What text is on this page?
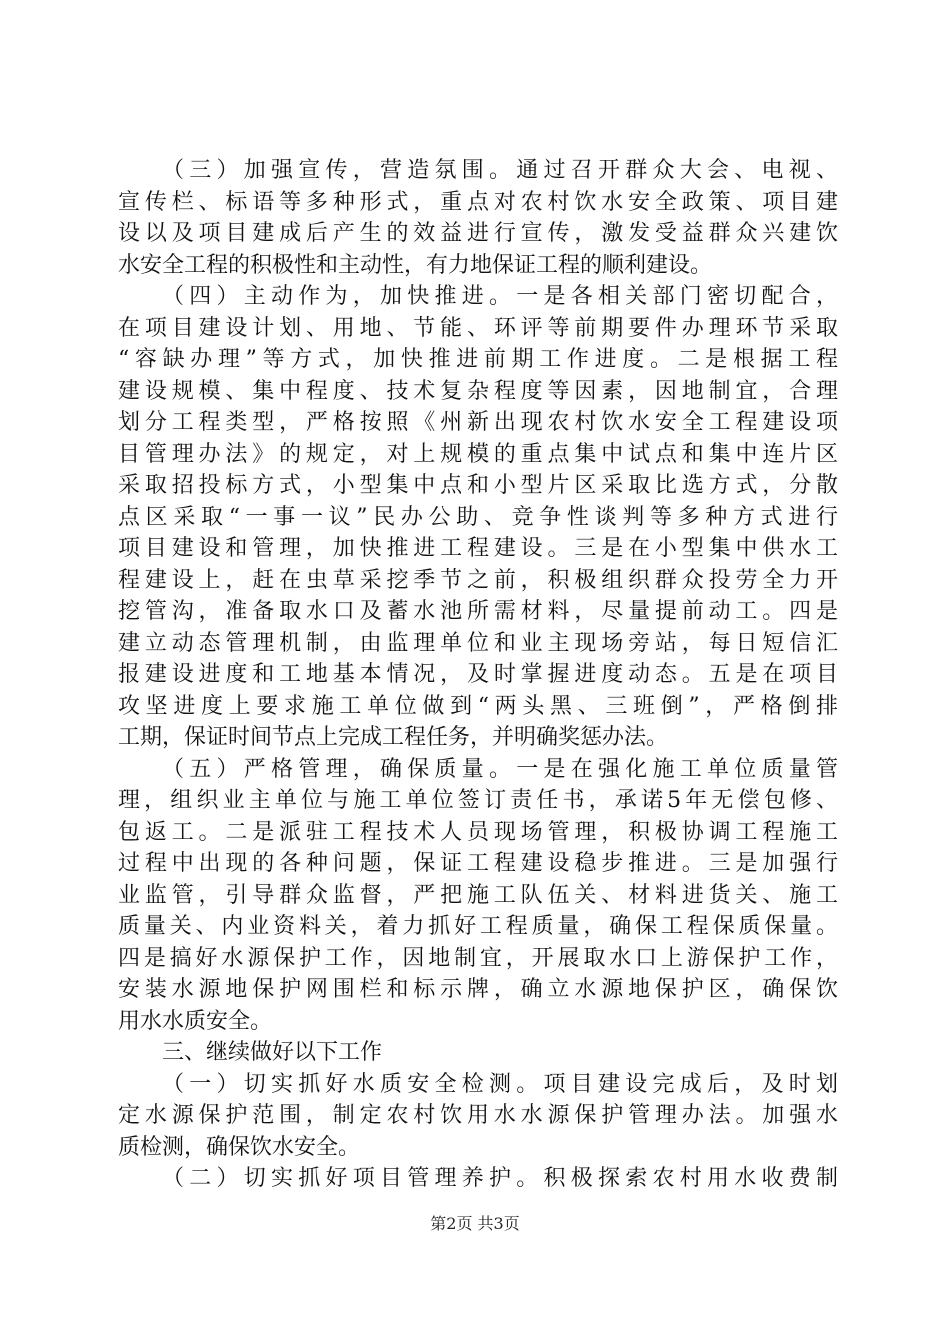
（三）加强宣传，营造氛围。通过召开群众大会、电视、
宣传栏、标语等多种形式，重点对农村饮水安全政策、项目建
设以及项目建成后产生的效益进行宣传，激发受益群众兴建饮
水安全工程的积极性和主动性，有力地保证工程的顺利建设。
（四）主动作为，加快推进。一是各相关部门密切配合，
在项目建设计划、用地、节能、环评等前期要件办理环节采取
“容缺办理”等方式，加快推进前期工作进度。二是根据工程
建设规模、集中程度、技术复杂程度等因素，因地制宜，合理
划分工程类型，严格按照《州新出现农村饮水安全工程建设项
目管理办法》的规定，对上规模的重点集中试点和集中连片区
采取招投标方式，小型集中点和小型片区采取比选方式，分散
点区采取“一事一议”民办公助、竞争性谈判等多种方式进行
项目建设和管理，加快推进工程建设。三是在小型集中供水工
程建设上，赶在虫草采挖季节之前，积极组织群众投劳全力开
挖管沟，准备取水口及蓄水池所需材料，尽量提前动工。四是
建立动态管理机制，由监理单位和业主现场旁站，每日短信汇
报建设进度和工地基本情况，及时掌握进度动态。五是在项目
攻坚进度上要求施工单位做到“两头黑、三班倒”，严格倒排
工期，保证时间节点上完成工程任务，并明确奖惩办法。
（五）严格管理，确保质量。一是在强化施工单位质量管
理，组织业主单位与施工单位签订责任书，承诺5年无偿包修、
包返工。二是派驻工程技术人员现场管理，积极协调工程施工
过程中出现的各种问题，保证工程建设稳步推进。三是加强行
业监管，引导群众监督，严把施工队伍关、材料进货关、施工
质量关、内业资料关，着力抓好工程质量，确保工程保质保量。
四是搞好水源保护工作，因地制宜，开展取水口上游保护工作，
安装水源地保护网围栏和标示牌，确立水源地保护区，确保饮
用水水质安全。
三、继续做好以下工作
（一）切实抓好水质安全检测。项目建设完成后，及时划
定水源保护范围，制定农村饮用水水源保护管理办法。加强水
质检测，确保饮水安全。
（二）切实抓好项目管理养护。积极探索农村用水收费制
第2页 共3页
